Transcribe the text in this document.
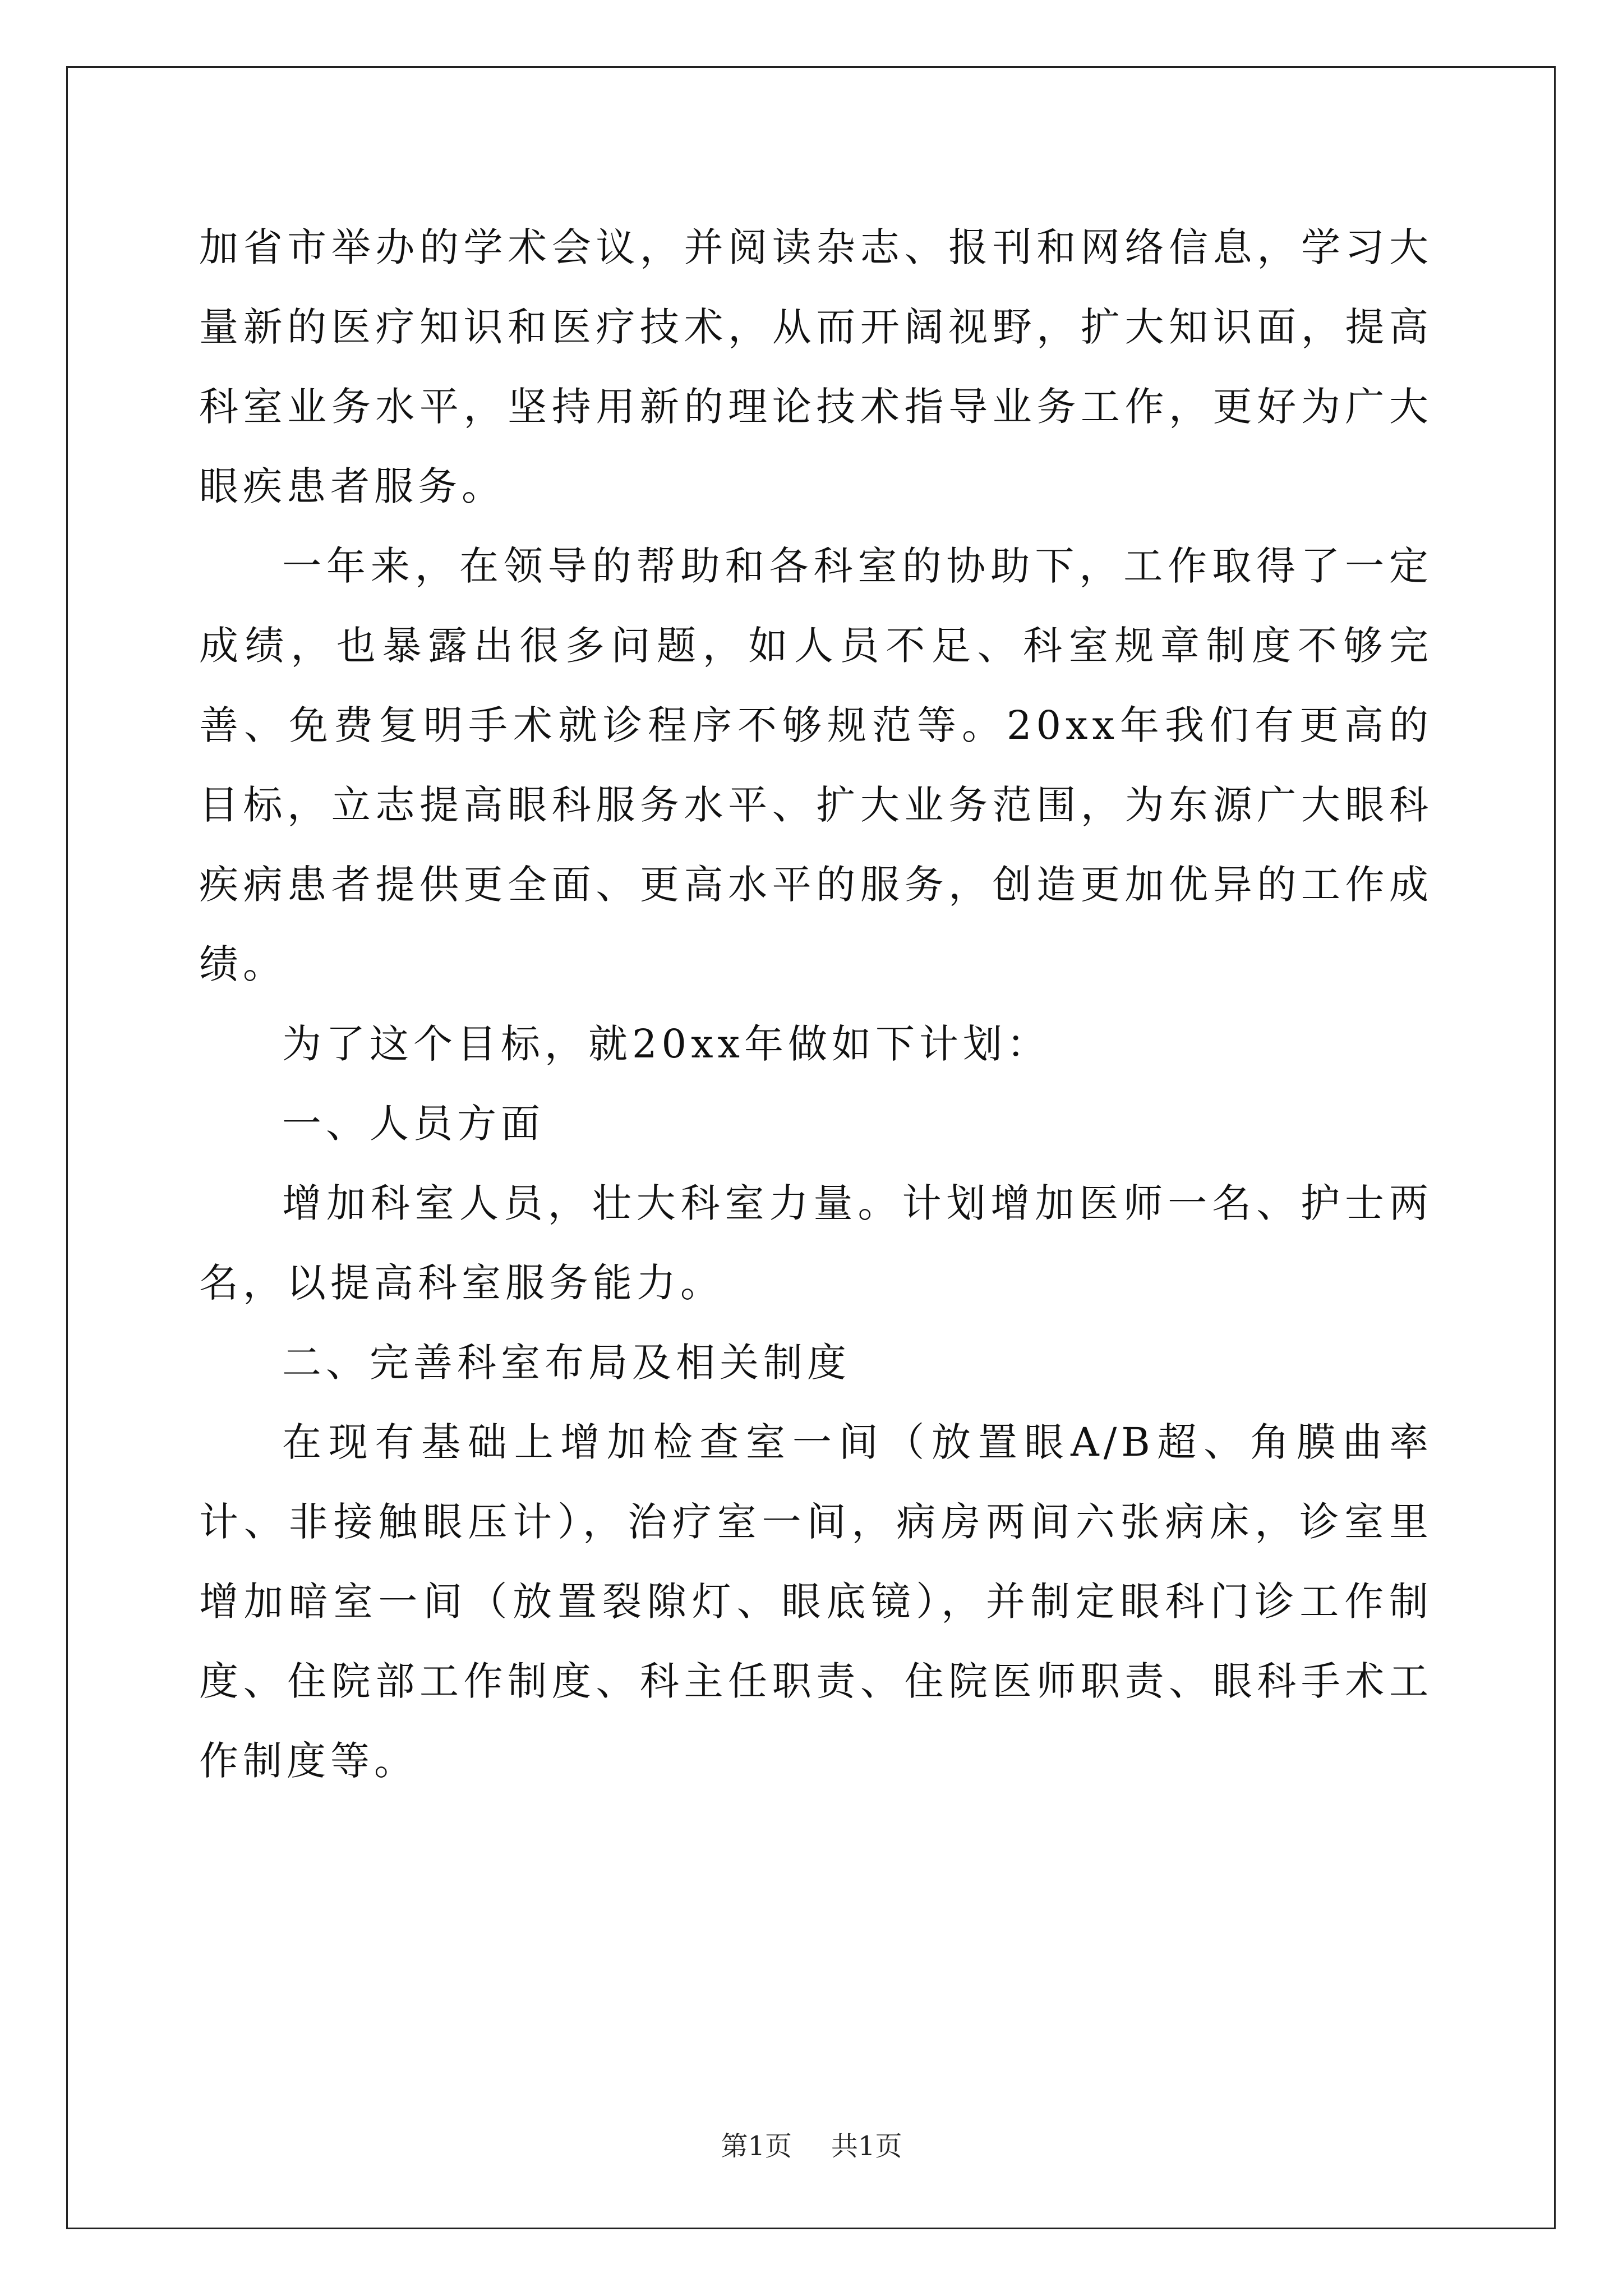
加省市举办的学术会议，并阅读杂志、报刊和网络信息，学习大量新的医疗知识和医疗技术，从而开阔视野，扩大知识面，提高科室业务水平，坚持用新的理论技术指导业务工作，更好为广大眼疾患者服务。

一年来，在领导的帮助和各科室的协助下，工作取得了一定成绩，也暴露出很多问题，如人员不足、科室规章制度不够完善、免费复明手术就诊程序不够规范等。20xx年我们有更高的目标，立志提高眼科服务水平、扩大业务范围，为东源广大眼科疾病患者提供更全面、更高水平的服务，创造更加优异的工作成绩。

为了这个目标，就20xx年做如下计划：

一、人员方面

增加科室人员，壮大科室力量。计划增加医师一名、护士两名，以提高科室服务能力。

二、完善科室布局及相关制度

在现有基础上增加检查室一间（放置眼A/B超、角膜曲率计、非接触眼压计），治疗室一间，病房两间六张病床，诊室里增加暗室一间（放置裂隙灯、眼底镜），并制定眼科门诊工作制度、住院部工作制度、科主任职责、住院医师职责、眼科手术工作制度等。

第1页 共1页
